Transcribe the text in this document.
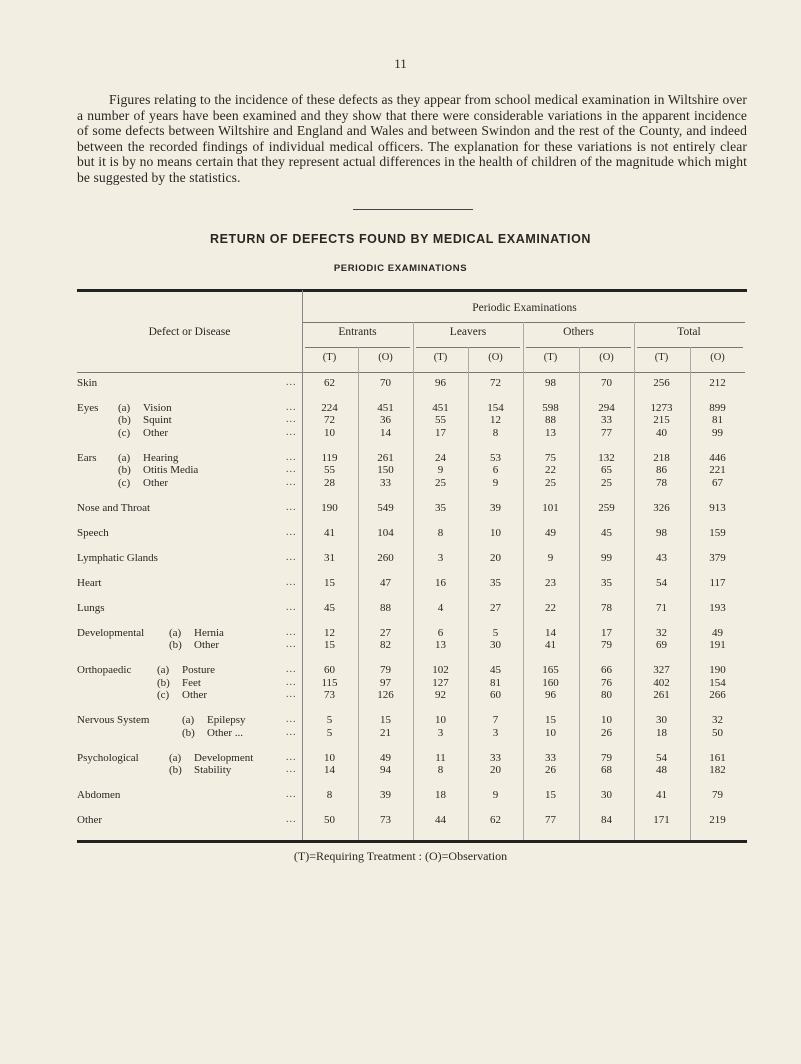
11
Figures relating to the incidence of these defects as they appear from school medical examination in Wiltshire over a number of years have been examined and they show that there were considerable variations in the apparent incidence of some defects between Wiltshire and England and Wales and between Swindon and the rest of the County, and indeed between the recorded findings of individual medical officers. The explanation for these variations is not entirely clear but it is by no means certain that they represent actual differences in the health of children of the magnitude which might be suggested by the statistics.
RETURN OF DEFECTS FOUND BY MEDICAL EXAMINATION
PERIODIC EXAMINATIONS
Periodic Examinations
Defect or Disease	Entrants	Leavers	Others	Total
(T)	(O)	(T)	(O)	(T)	(O)	(T)	(O)
Skin	...	62	70	96	72	98	70	256	212
Eyes (a) Vision	...	224	451	451	154	598	294	1273	899
(b) Squint	...	72	36	55	12	88	33	215	81
(c) Other	...	10	14	17	8	13	77	40	99
Ears (a) Hearing	...	119	261	24	53	75	132	218	446
(b) Otitis Media	...	55	150	9	6	22	65	86	221
(c) Other	...	28	33	25	9	25	25	78	67
Nose and Throat	...	190	549	35	39	101	259	326	913
Speech	...	41	104	8	10	49	45	98	159
Lymphatic Glands	...	31	260	3	20	9	99	43	379
Heart	...	15	47	16	35	23	35	54	117
Lungs	...	45	88	4	27	22	78	71	193
Developmental (a) Hernia	...	12	27	6	5	14	17	32	49
(b) Other	...	15	82	13	30	41	79	69	191
Orthopaedic (a) Posture	...	60	79	102	45	165	66	327	190
(b) Feet	...	115	97	127	81	160	76	402	154
(c) Other	...	73	126	92	60	96	80	261	266
Nervous System	(a) Epilepsy	...	5	15	10	7	15	10	30	32
(b) Other ...	...	5	21	3	3	10	26	18	50
Psychological	(a) Development	...	10	49	11	33	33	79	54	161
(b) Stability	...	14	94	8	20	26	68	48	182
Abdomen	...	8	39	18	9	15	30	41	79
Other	...	50	73	44	62	77	84	171	219
(T)=Requiring Treatment : (O)=Observation
